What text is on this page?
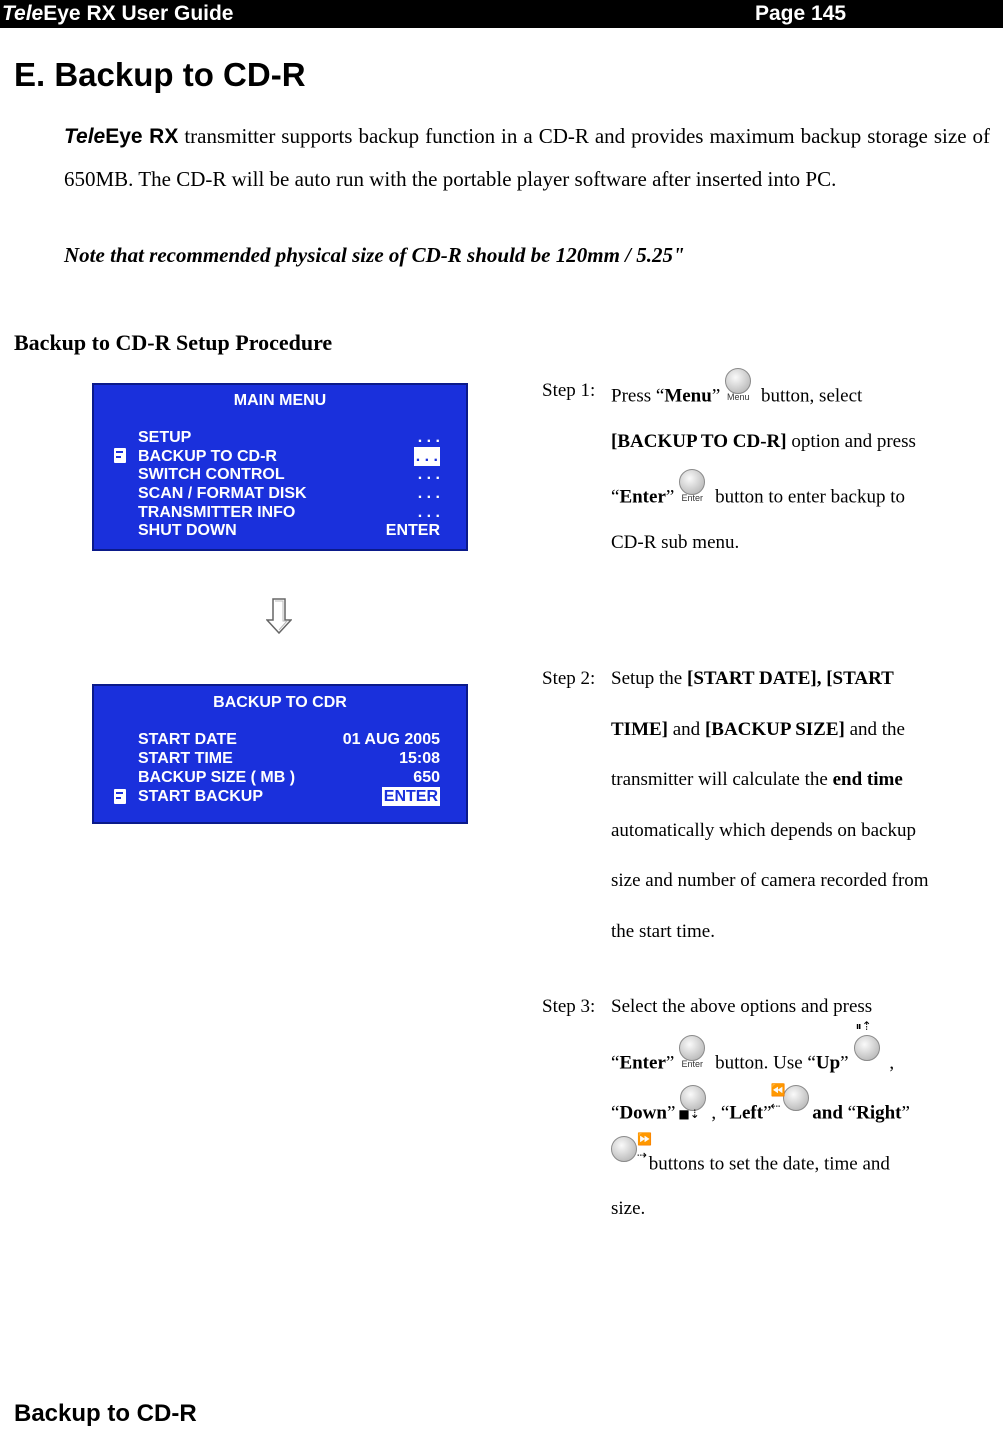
TeleEye RX User Guide	Page 145
E. Backup to CD-R
TeleEye RX transmitter supports backup function in a CD-R and provides maximum backup storage size of 650MB. The CD-R will be auto run with the portable player software after inserted into PC.
Note that recommended physical size of CD-R should be 120mm / 5.25"
Backup to CD-R Setup Procedure
MAIN MENU
SETUP	. . .
BACKUP TO CD-R	. . .
SWITCH CONTROL	. . .
SCAN / FORMAT DISK	. . .
TRANSMITTER INFO	. . .
SHUT DOWN	ENTER
BACKUP TO CDR
START DATE	01 AUG 2005
START TIME	15:08
BACKUP SIZE ( MB )	650
START BACKUP	ENTER
Step 1: Press “Menu” Menu button, select
[BACKUP TO CD-R] option and press
“Enter” Enter button to enter backup to
CD-R sub menu.
Step 2: Setup the [START DATE], [START
TIME] and [BACKUP SIZE] and the
transmitter will calculate the end time
automatically which depends on backup
size and number of camera recorded from
the start time.
Step 3: Select the above options and press
“Enter” Enter button. Use “Up”
⏸⇡
,
“Down” ■⇣ , “Left”
⏪
⇠ and “Right”
⏩
⇢
buttons to set the date, time and
size.
Backup to CD-R
